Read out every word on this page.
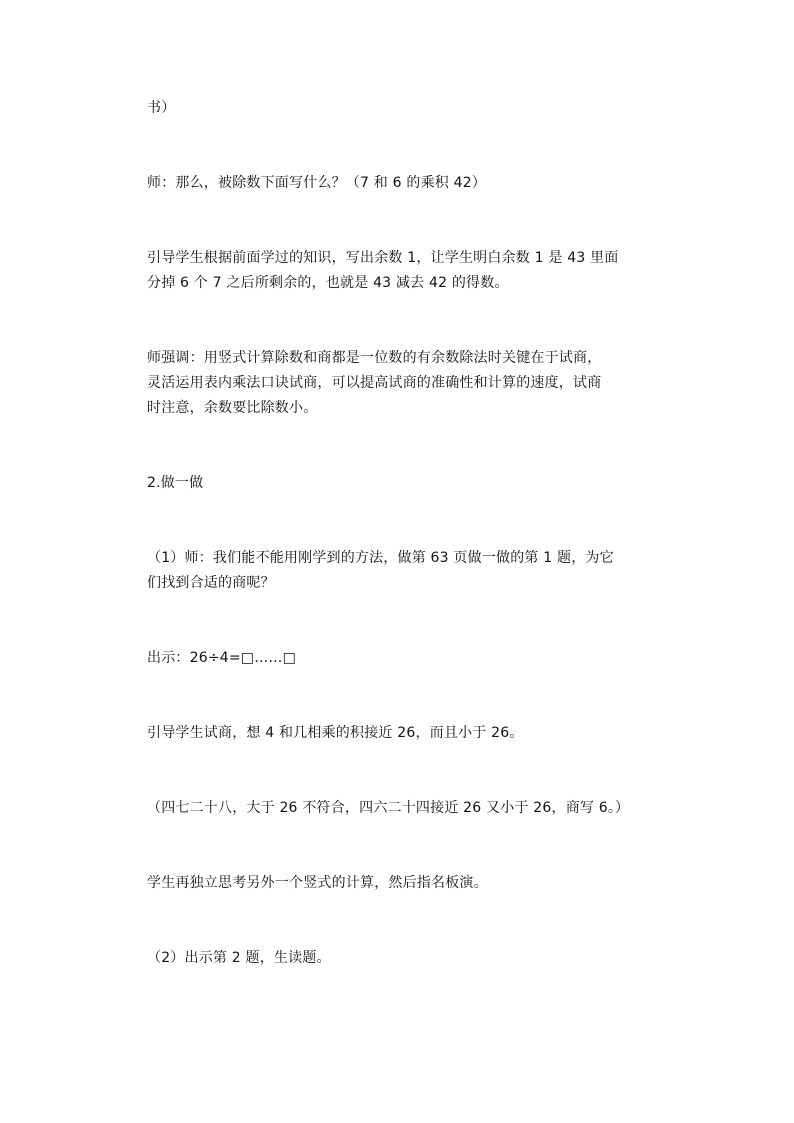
书）
师：那么，被除数下面写什么？（7 和 6 的乘积 42）
引导学生根据前面学过的知识，写出余数 1，让学生明白余数 1 是 43 里面
分掉 6 个 7 之后所剩余的，也就是 43 减去 42 的得数。
师强调：用竖式计算除数和商都是一位数的有余数除法时关键在于试商，
灵活运用表内乘法口诀试商，可以提高试商的准确性和计算的速度，试商
时注意，余数要比除数小。
2.做一做
（1）师：我们能不能用刚学到的方法，做第 63 页做一做的第 1 题，为它
们找到合适的商呢？
出示：26÷4=□……□
引导学生试商，想 4 和几相乘的积接近 26，而且小于 26。
（四七二十八，大于 26 不符合，四六二十四接近 26 又小于 26，商写 6。）
学生再独立思考另外一个竖式的计算，然后指名板演。
（2）出示第 2 题，生读题。
